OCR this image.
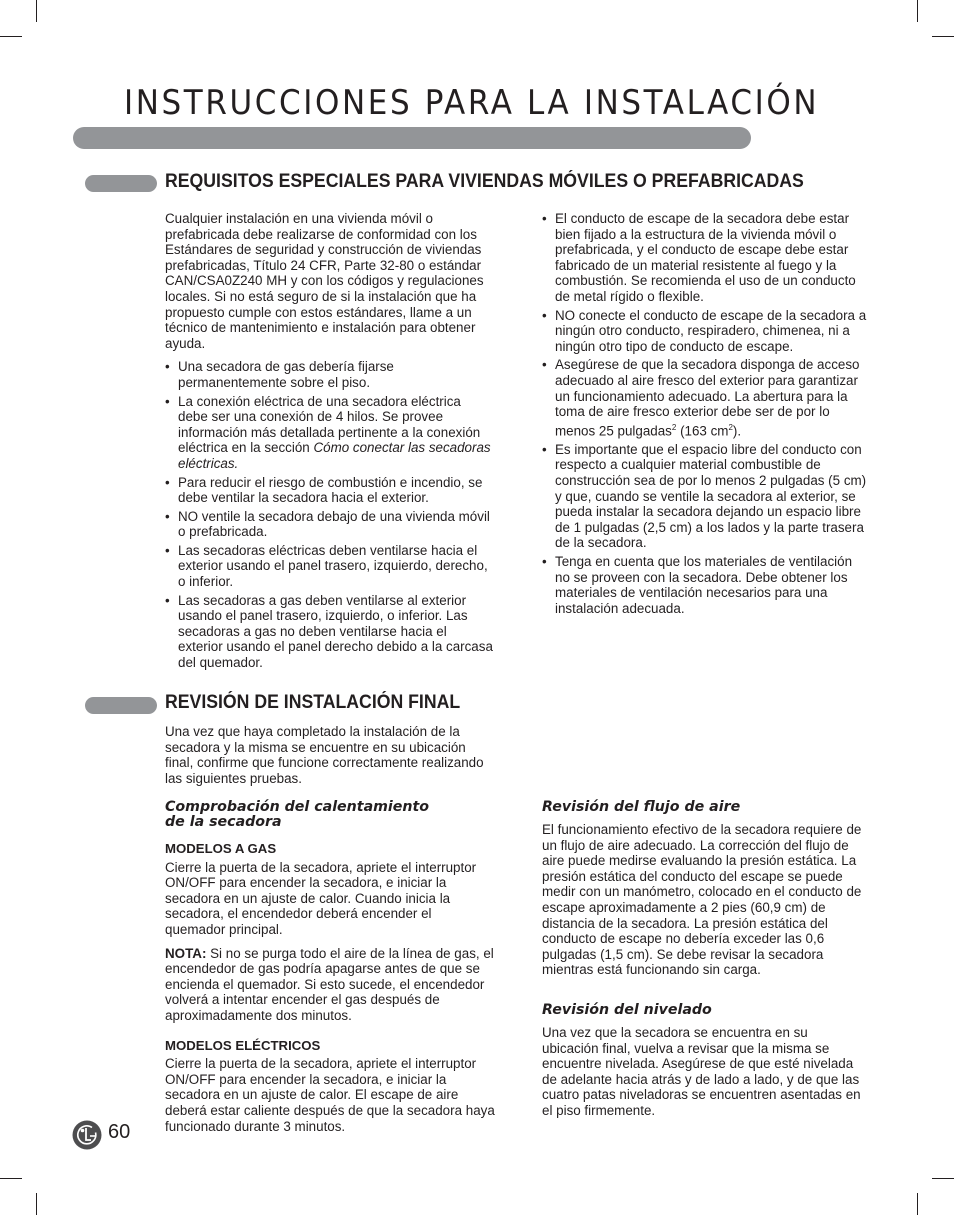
INSTRUCCIONES PARA LA INSTALACIÓN
REQUISITOS ESPECIALES PARA VIVIENDAS MÓVILES O PREFABRICADAS

Cualquier instalación en una vivienda móvil o prefabricada debe realizarse de conformidad con los Estándares de seguridad y construcción de viviendas prefabricadas, Título 24 CFR, Parte 32-80 o estándar CAN/CSA0Z240 MH y con los códigos y regulaciones locales. Si no está seguro de si la instalación que ha propuesto cumple con estos estándares, llame a un técnico de mantenimiento e instalación para obtener ayuda.

• Una secadora de gas debería fijarse permanentemente sobre el piso.
• La conexión eléctrica de una secadora eléctrica debe ser una conexión de 4 hilos. Se provee información más detallada pertinente a la conexión eléctrica en la sección Cómo conectar las secadoras eléctricas.
• Para reducir el riesgo de combustión e incendio, se debe ventilar la secadora hacia el exterior.
• NO ventile la secadora debajo de una vivienda móvil o prefabricada.
• Las secadoras eléctricas deben ventilarse hacia el exterior usando el panel trasero, izquierdo, derecho, o inferior.
• Las secadoras a gas deben ventilarse al exterior usando el panel trasero, izquierdo, o inferior. Las secadoras a gas no deben ventilarse hacia el exterior usando el panel derecho debido a la carcasa del quemador.
• El conducto de escape de la secadora debe estar bien fijado a la estructura de la vivienda móvil o prefabricada, y el conducto de escape debe estar fabricado de un material resistente al fuego y la combustión. Se recomienda el uso de un conducto de metal rígido o flexible.
• NO conecte el conducto de escape de la secadora a ningún otro conducto, respiradero, chimenea, ni a ningún otro tipo de conducto de escape.
• Asegúrese de que la secadora disponga de acceso adecuado al aire fresco del exterior para garantizar un funcionamiento adecuado. La abertura para la toma de aire fresco exterior debe ser de por lo menos 25 pulgadas$^2$ (163 $cm^2$).
• Es importante que el espacio libre del conducto con respecto a cualquier material combustible de construcción sea de por lo menos 2 pulgadas (5 cm) y que, cuando se ventile la secadora al exterior, se pueda instalar la secadora dejando un espacio libre de 1 pulgadas (2,5 cm) a los lados y la parte trasera de la secadora.
• Tenga en cuenta que los materiales de ventilación no se proveen con la secadora. Debe obtener los materiales de ventilación necesarios para una instalación adecuada.
REVISIÓN DE INSTALACIÓN FINAL

Una vez que haya completado la instalación de la secadora y la misma se encuentre en su ubicación final, confirme que funcione correctamente realizando las siguientes pruebas.

Comprobación del calentamiento
de la secadora
MODELOS A GAS

Cierre la puerta de la secadora, apriete el interruptor ON/OFF para encender la secadora, e iniciar la secadora en un ajuste de calor. Cuando inicia la secadora, el encendedor deberá encender el quemador principal.

NOTA: Si no se purga todo el aire de la línea de gas, el encendedor de gas podría apagarse antes de que se encienda el quemador. Si esto sucede, el encendedor volverá a intentar encender el gas después de aproximadamente dos minutos.

MODELOS ELÉCTRICOS

Cierre la puerta de la secadora, apriete el interruptor ON/OFF para encender la secadora, e iniciar la secadora en un ajuste de calor. El escape de aire deberá estar caliente después de que la secadora haya funcionado durante 3 minutos.

Revisión del flujo de aire

El funcionamiento efectivo de la secadora requiere de un flujo de aire adecuado. La corrección del flujo de aire puede medirse evaluando la presión estática. La presión estática del conducto del escape se puede medir con un manómetro, colocado en el conducto de escape aproximadamente a 2 pies (60,9 cm) de distancia de la secadora. La presión estática del conducto de escape no debería exceder las 0,6 pulgadas (1,5 cm). Se debe revisar la secadora mientras está funcionando sin carga.

Revisión del nivelado

Una vez que la secadora se encuentra en su ubicación final, vuelva a revisar que la misma se encuentre nivelada. Asegúrese de que esté nivelada de adelante hacia atrás y de lado a lado, y de que las cuatro patas niveladoras se encuentren asentadas en el piso firmemente.

60
